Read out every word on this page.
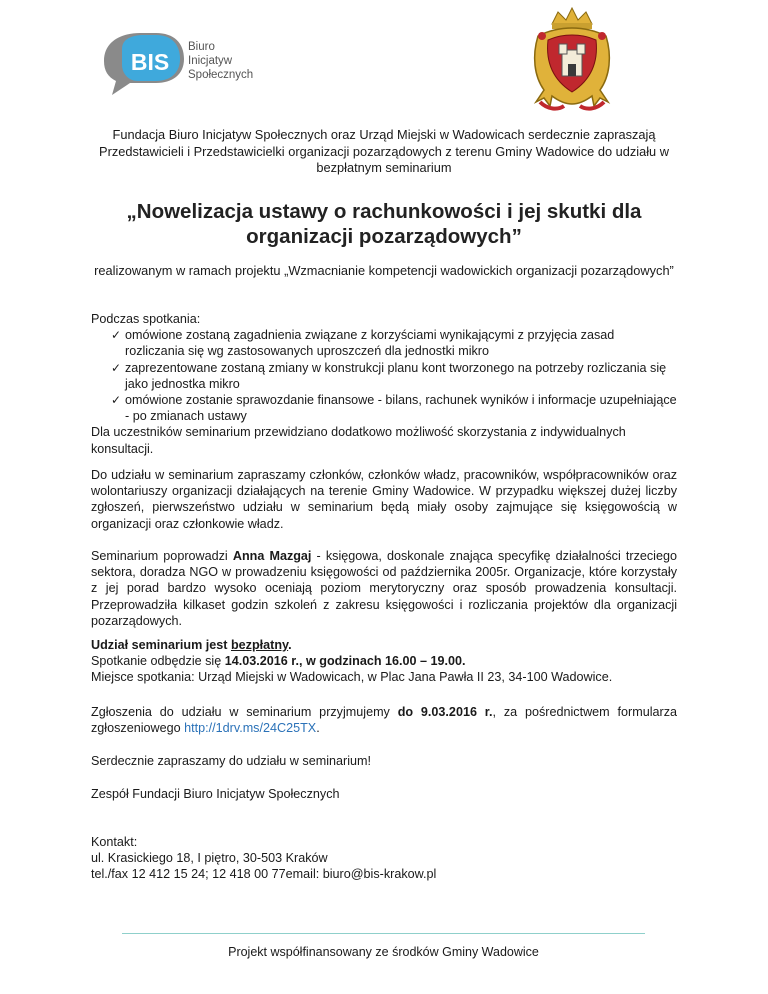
BIS
Biuro
Inicjatyw
Społecznych

Fundacja Biuro Inicjatyw Społecznych oraz Urząd Miejski w Wadowicach serdecznie zapraszają Przedstawicieli i Przedstawicielki organizacji pozarządowych z terenu Gminy Wadowice do udziału w bezpłatnym seminarium

„Nowelizacja ustawy o rachunkowości i jej skutki dla organizacji pozarządowych”

realizowanym w ramach projektu „Wzmacnianie kompetencji wadowickich organizacji pozarządowych”

Podczas spotkania:

✓ omówione zostaną zagadnienia związane z korzyściami wynikającymi z przyjęcia zasad rozliczania się wg zastosowanych uproszczeń dla jednostki mikro
✓ zaprezentowane zostaną zmiany w konstrukcji planu kont tworzonego na potrzeby rozliczania się jako jednostka mikro
✓ omówione zostanie sprawozdanie finansowe - bilans, rachunek wyników i informacje uzupełniające - po zmianach ustawy

Dla uczestników seminarium przewidziano dodatkowo możliwość skorzystania z indywidualnych konsultacji.

Do udziału w seminarium zapraszamy członków, członków władz, pracowników, współpracowników oraz wolontariuszy organizacji działających na terenie Gminy Wadowice. W przypadku większej dużej liczby zgłoszeń, pierwszeństwo udziału w seminarium będą miały osoby zajmujące się księgowością w organizacji oraz członkowie władz.

Seminarium poprowadzi Anna Mazgaj - księgowa, doskonale znająca specyfikę działalności trzeciego sektora, doradza NGO w prowadzeniu księgowości od października 2005r. Organizacje, które korzystały z jej porad bardzo wysoko oceniają poziom merytoryczny oraz sposób prowadzenia konsultacji. Przeprowadziła kilkaset godzin szkoleń z zakresu księgowości i rozliczania projektów dla organizacji pozarządowych.

Udział seminarium jest bezpłatny.

Spotkanie odbędzie się 14.03.2016 r., w godzinach 16.00 – 19.00.

Miejsce spotkania: Urząd Miejski w Wadowicach, w Plac Jana Pawła II 23, 34-100 Wadowice.

Zgłoszenia do udziału w seminarium przyjmujemy do 9.03.2016 r., za pośrednictwem formularza zgłoszeniowego http://1drv.ms/24C25TX.

Serdecznie zapraszamy do udziału w seminarium!

Zespół Fundacji Biuro Inicjatyw Społecznych

Kontakt:

ul. Krasickiego 18, I piętro, 30-503 Kraków

tel./fax 12 412 15 24; 12 418 00 77email: biuro@bis-krakow.pl

Projekt współfinansowany ze środków Gminy Wadowice
